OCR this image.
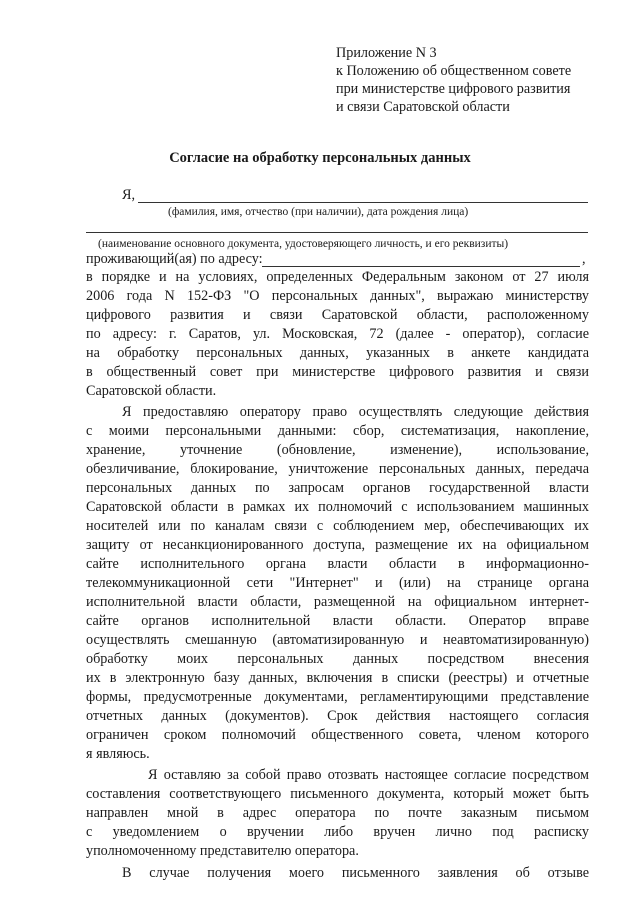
Приложение N 3
к Положению об общественном совете
при министерстве цифрового развития
и связи Саратовской области
Согласие на обработку персональных данных
Я,
(фамилия, имя, отчество (при наличии), дата рождения лица)
(наименование основного документа, удостоверяющего личность, и его реквизиты)
проживающий(ая) по адресу:	,
в порядке и на условиях, определенных Федеральным законом от 27 июля
2006 года N 152-ФЗ "О персональных данных", выражаю министерству
цифрового развития и связи Саратовской области, расположенному
по адресу: г. Саратов, ул. Московская, 72 (далее - оператор), согласие
на обработку персональных данных, указанных в анкете кандидата
в общественный совет при министерстве цифрового развития и связи
Саратовской области.
Я предоставляю оператору право осуществлять следующие действия
с моими персональными данными: сбор, систематизация, накопление,
хранение, уточнение (обновление, изменение), использование,
обезличивание, блокирование, уничтожение персональных данных, передача
персональных данных по запросам органов государственной власти
Саратовской области в рамках их полномочий с использованием машинных
носителей или по каналам связи с соблюдением мер, обеспечивающих их
защиту от несанкционированного доступа, размещение их на официальном
сайте исполнительного органа власти области в информационно-
телекоммуникационной сети "Интернет" и (или) на странице органа
исполнительной власти области, размещенной на официальном интернет-
сайте органов исполнительной власти области. Оператор вправе
осуществлять смешанную (автоматизированную и неавтоматизированную)
обработку моих персональных данных посредством внесения
их в электронную базу данных, включения в списки (реестры) и отчетные
формы, предусмотренные документами, регламентирующими представление
отчетных данных (документов). Срок действия настоящего согласия
ограничен сроком полномочий общественного совета, членом которого
я являюсь.
Я оставляю за собой право отозвать настоящее согласие посредством
составления соответствующего письменного документа, который может быть
направлен мной в адрес оператора по почте заказным письмом
с уведомлением о вручении либо вручен лично под расписку
уполномоченному представителю оператора.
В случае получения моего письменного заявления об отзыве
